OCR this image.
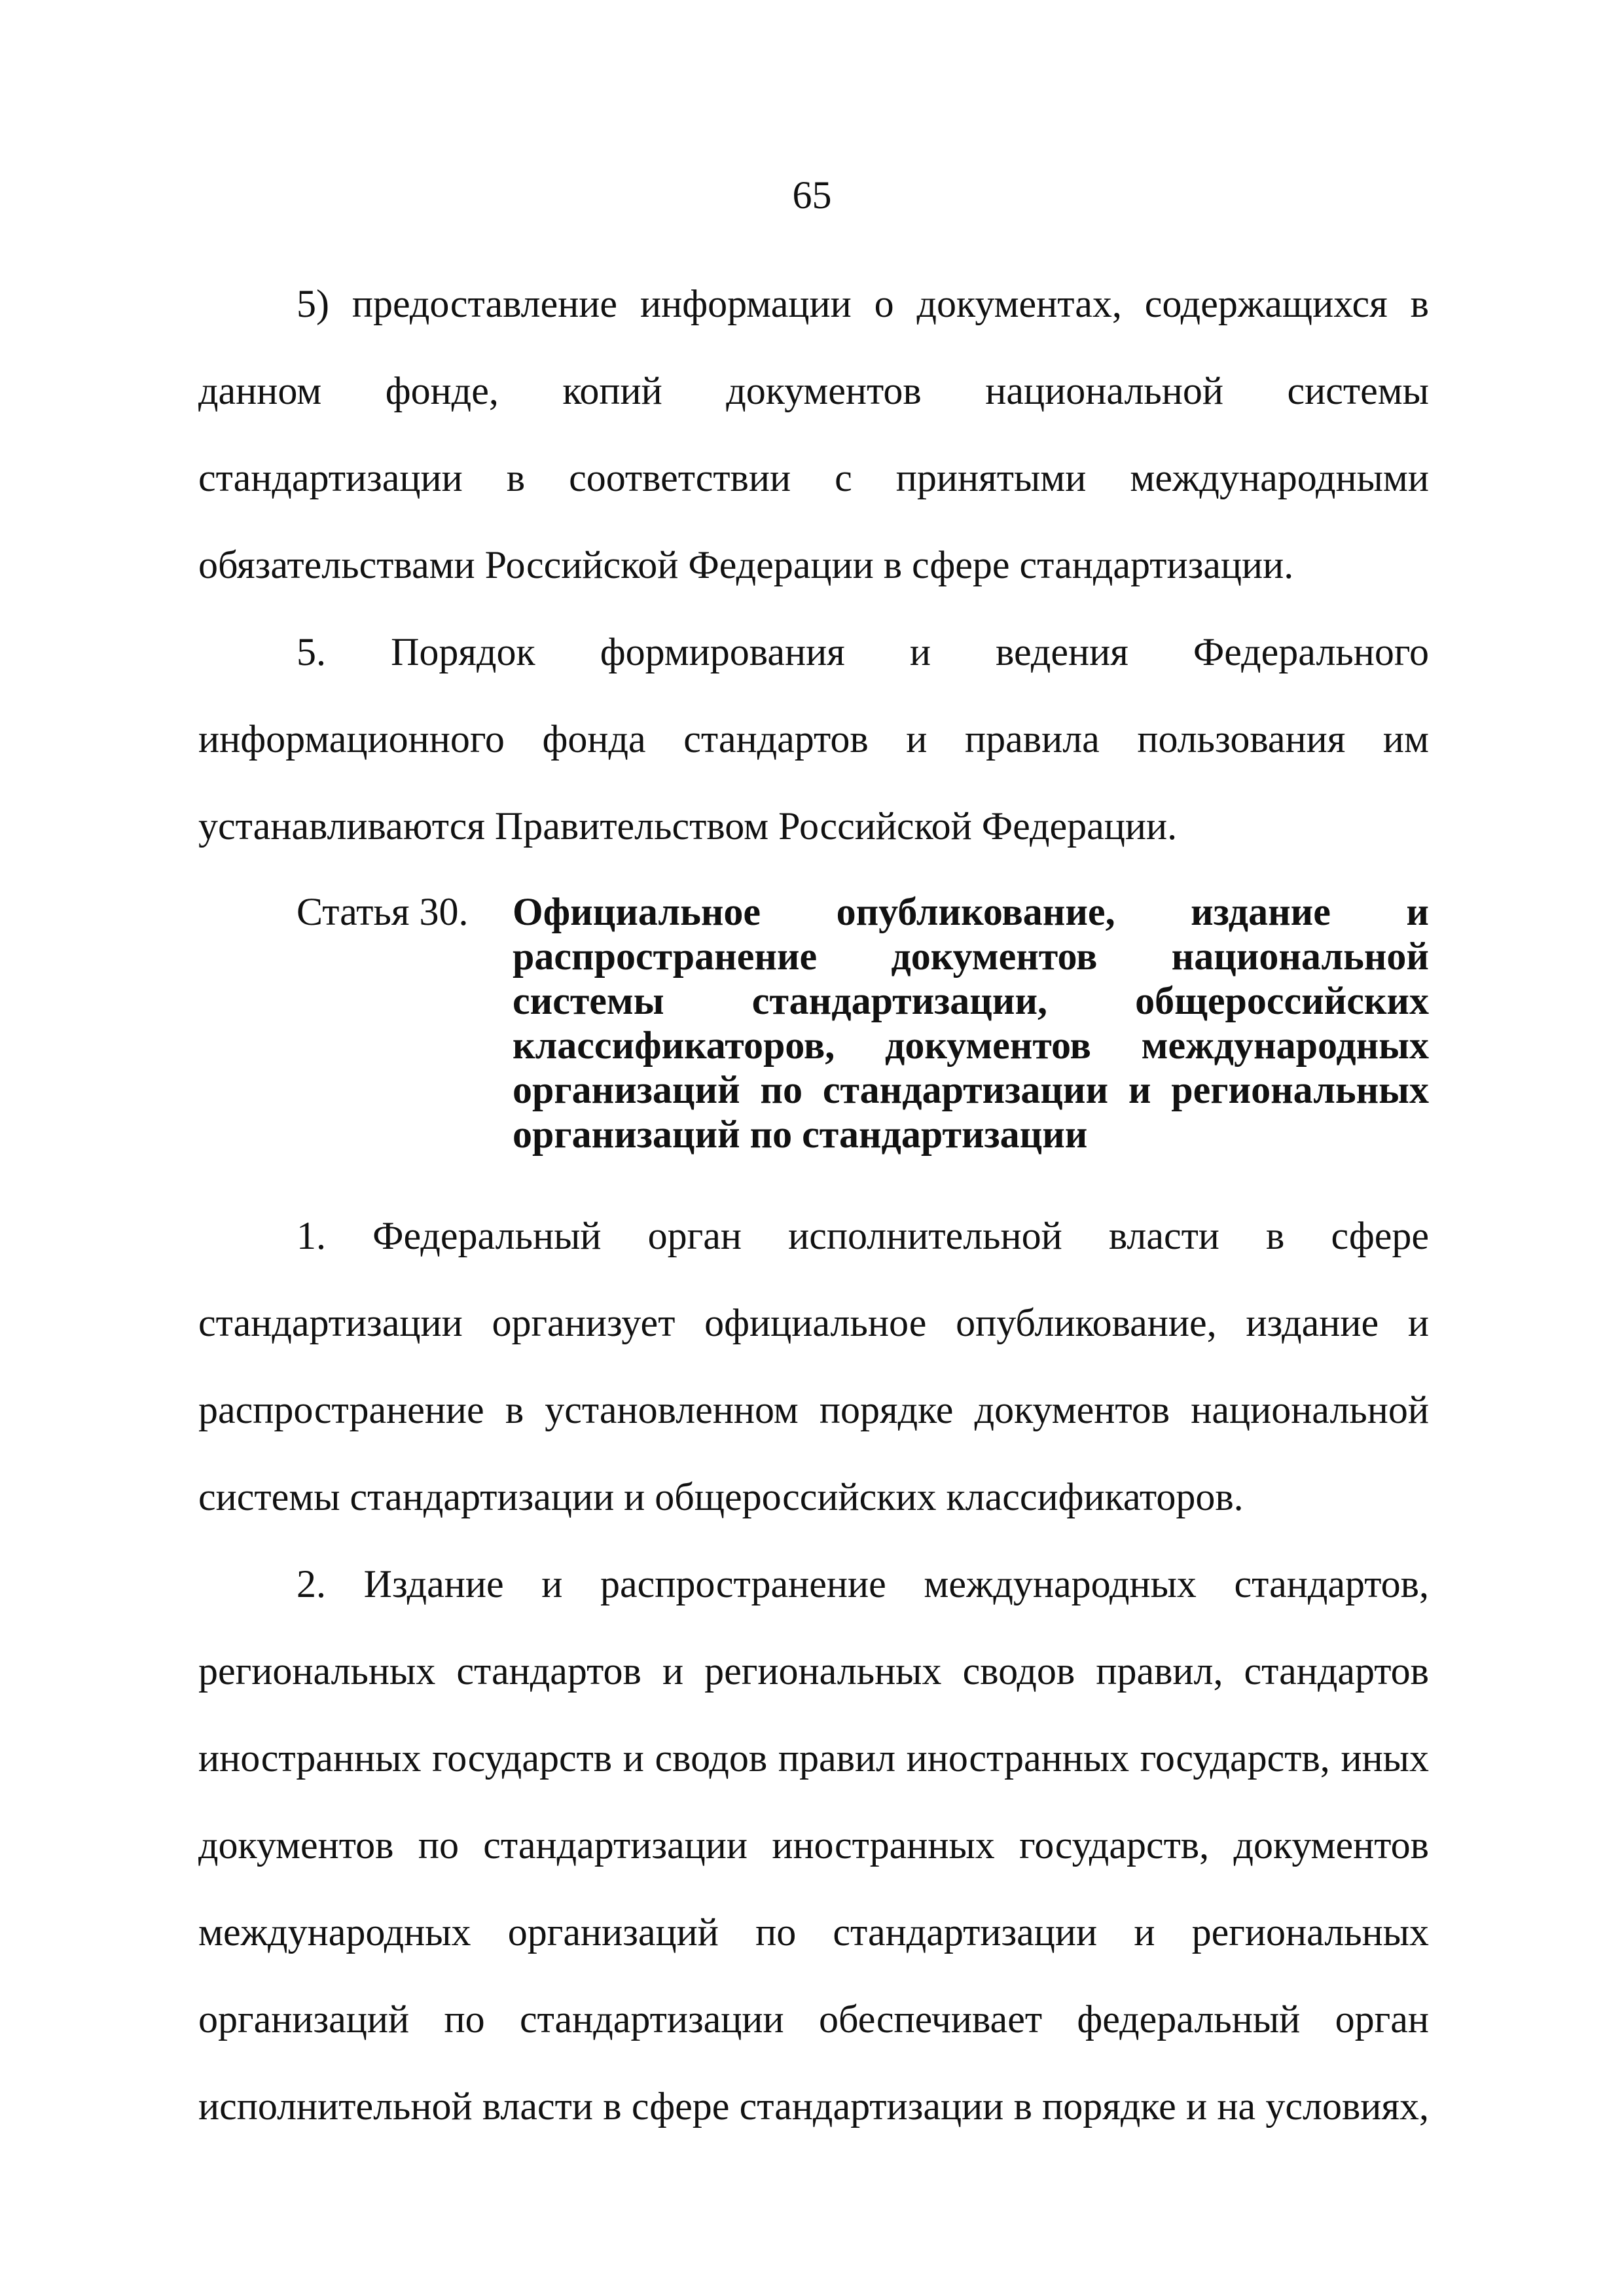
65

5) предоставление информации о документах, содержащихся в данном фонде, копий документов национальной системы стандартизации в соответствии с принятыми международными обязательствами Российской Федерации в сфере стандартизации.

5. Порядок формирования и ведения Федерального информационного фонда стандартов и правила пользования им устанавливаются Правительством Российской Федерации.

Статья 30.	Официальное опубликование, издание и распространение документов национальной системы стандартизации, общероссийских классификаторов, документов международных организаций по стандартизации и региональных организаций по стандартизации

1. Федеральный орган исполнительной власти в сфере стандартизации организует официальное опубликование, издание и распространение в установленном порядке документов национальной системы стандартизации и общероссийских классификаторов.

2. Издание и распространение международных стандартов, региональных стандартов и региональных сводов правил, стандартов иностранных государств и сводов правил иностранных государств, иных документов по стандартизации иностранных государств, документов международных организаций по стандартизации и региональных организаций по стандартизации обеспечивает федеральный орган исполнительной власти в сфере стандартизации в порядке и на условиях,
